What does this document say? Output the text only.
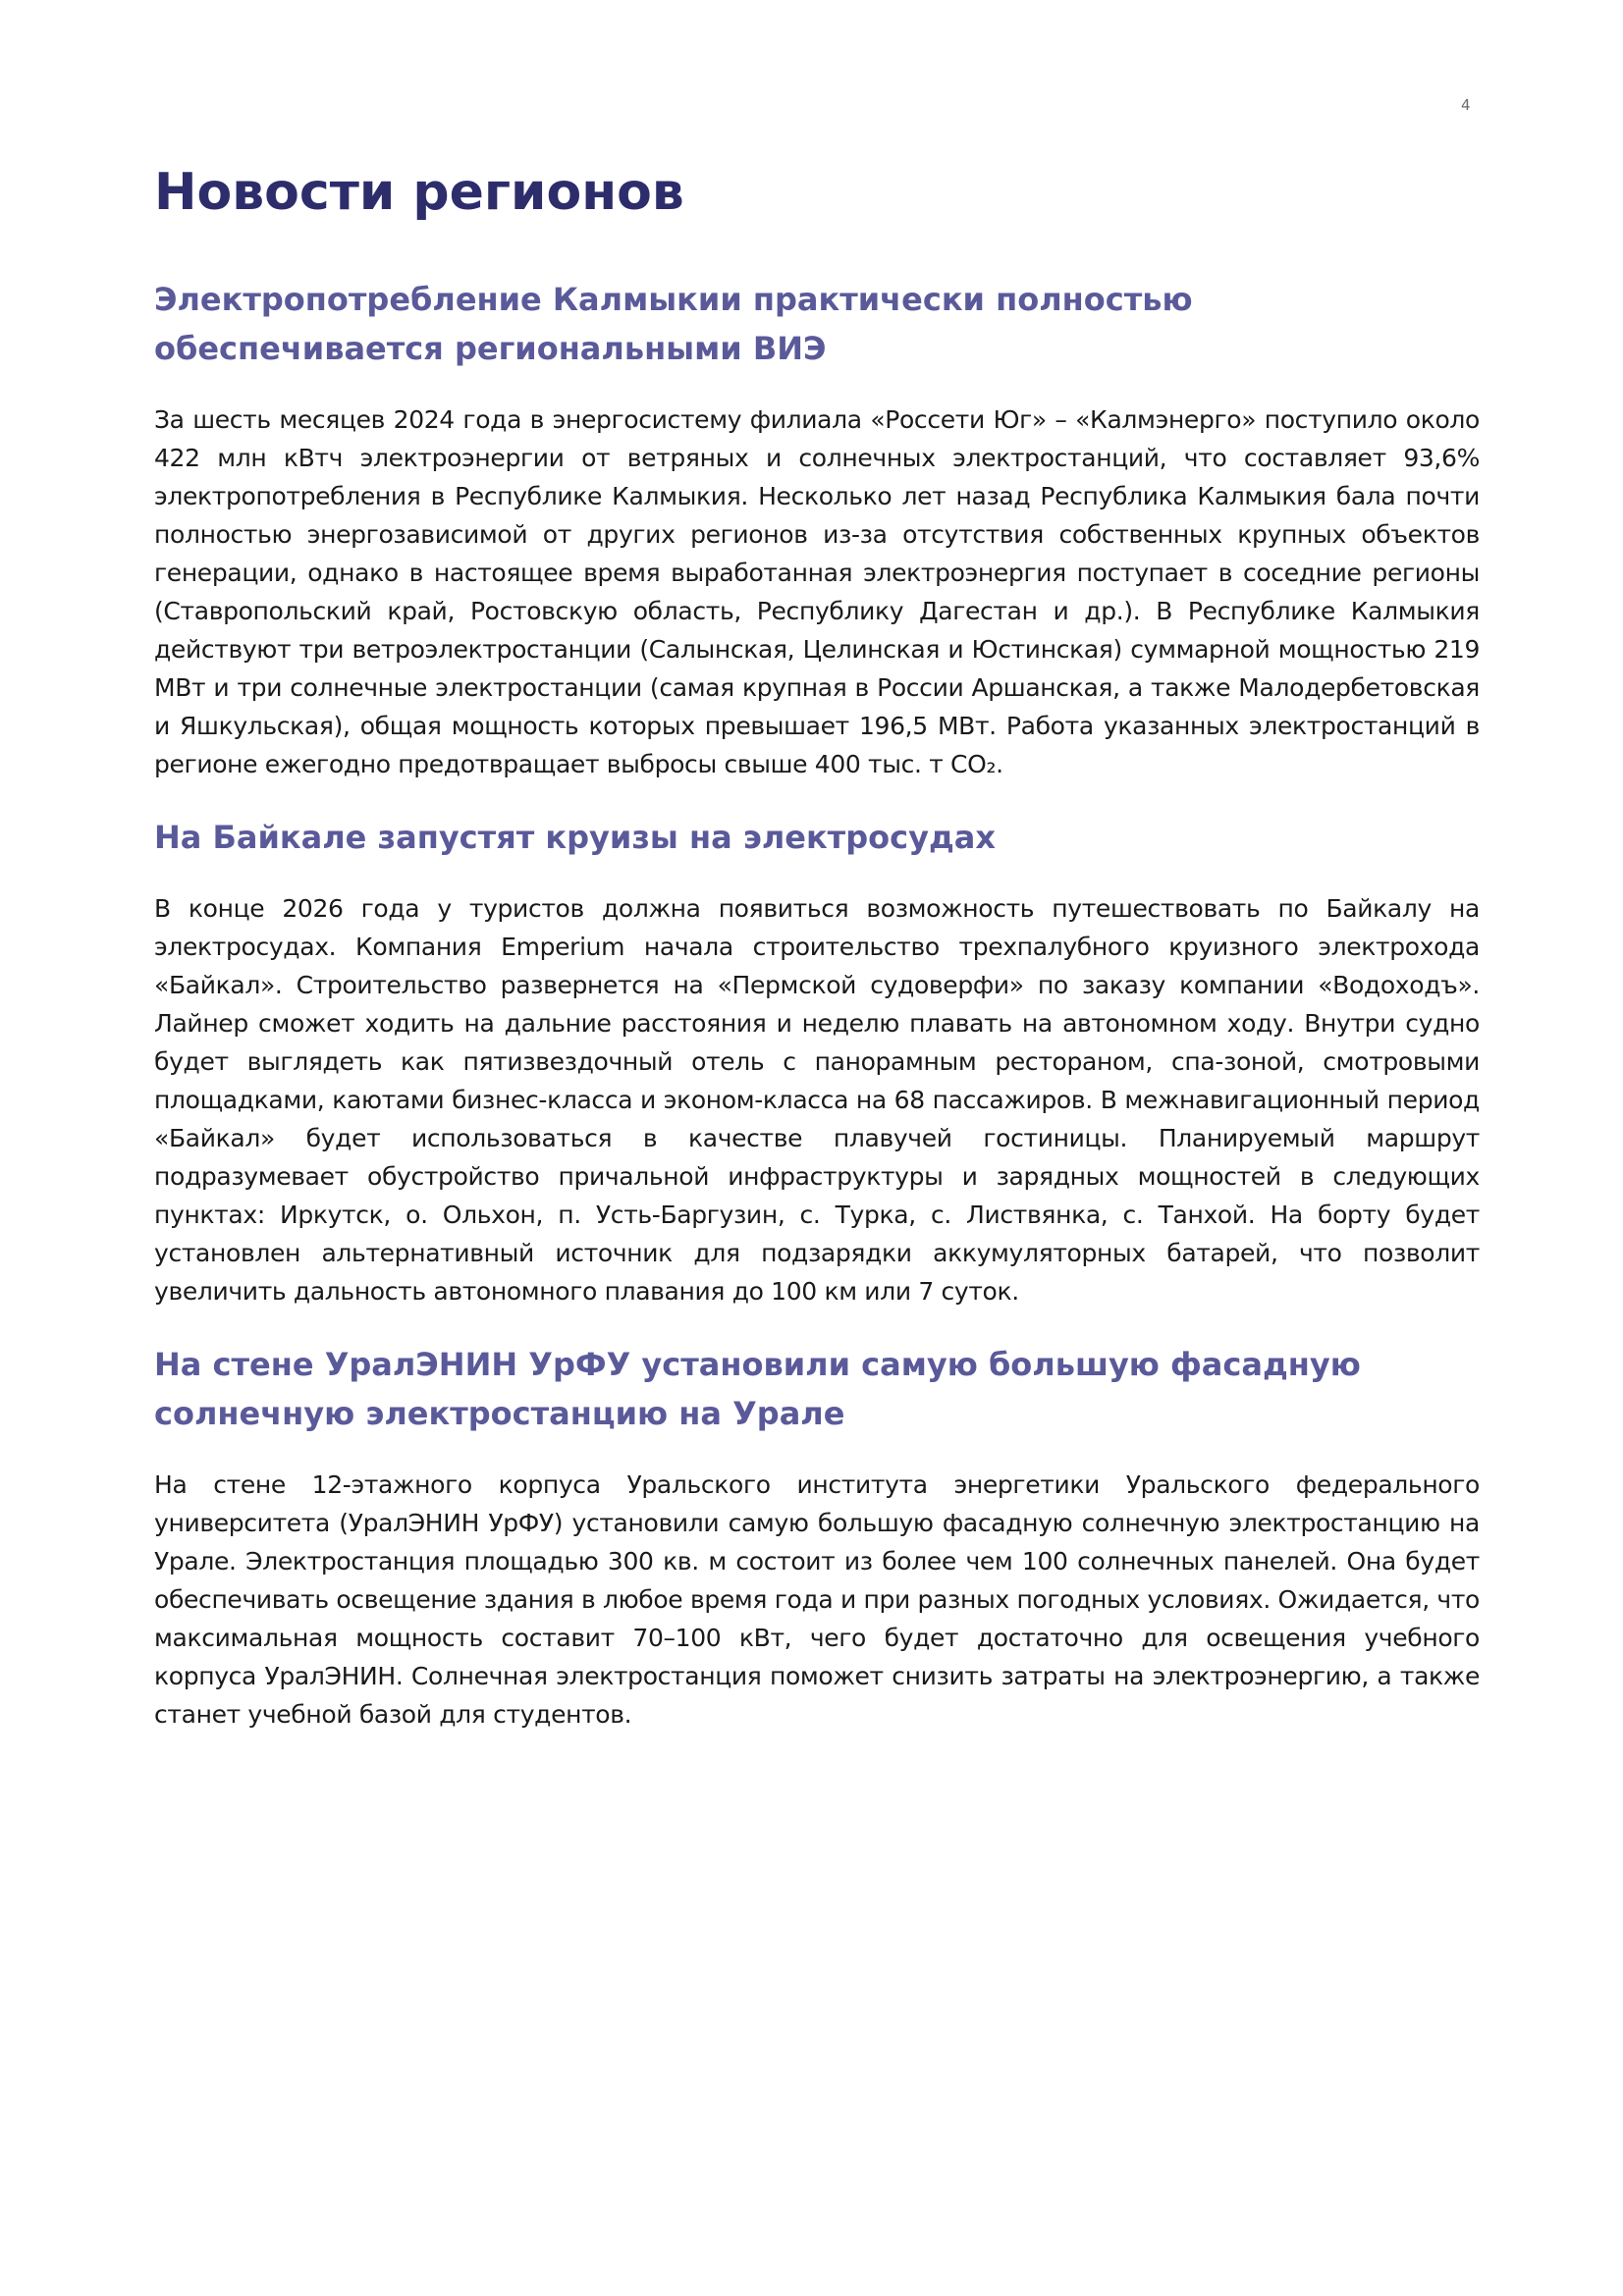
4
Новости регионов
Электропотребление Калмыкии практически полностью обеспечивается региональными ВИЭ

За шесть месяцев 2024 года в энергосистему филиала «Россети Юг» – «Калмэнерго» поступило около 422 млн кВтч электроэнергии от ветряных и солнечных электростанций, что составляет 93,6% электропотребления в Республике Калмыкия. Несколько лет назад Республика Калмыкия бала почти полностью энергозависимой от других регионов из-за отсутствия собственных крупных объектов генерации, однако в настоящее время выработанная электроэнергия поступает в соседние регионы (Ставропольский край, Ростовскую область, Республику Дагестан и др.). В Республике Калмыкия действуют три ветроэлектростанции (Салынская, Целинская и Юстинская) суммарной мощностью 219 МВт и три солнечные электростанции (самая крупная в России Аршанская, а также Малодербетовская и Яшкульская), общая мощность которых превышает 196,5 МВт. Работа указанных электростанций в регионе ежегодно предотвращает выбросы свыше 400 тыс. т CO₂.

На Байкале запустят круизы на электросудах

В конце 2026 года у туристов должна появиться возможность путешествовать по Байкалу на электросудах. Компания Emperium начала строительство трехпалубного круизного электрохода «Байкал». Строительство развернется на «Пермской судоверфи» по заказу компании «Водоходъ». Лайнер сможет ходить на дальние расстояния и неделю плавать на автономном ходу. Внутри судно будет выглядеть как пятизвездочный отель с панорамным рестораном, спа-зоной, смотровыми площадками, каютами бизнес-класса и эконом-класса на 68 пассажиров. В межнавигационный период «Байкал» будет использоваться в качестве плавучей гостиницы. Планируемый маршрут подразумевает обустройство причальной инфраструктуры и зарядных мощностей в следующих пунктах: Иркутск, о. Ольхон, п. Усть-Баргузин, с. Турка, с. Листвянка, с. Танхой. На борту будет установлен альтернативный источник для подзарядки аккумуляторных батарей, что позволит увеличить дальность автономного плавания до 100 км или 7 суток.

На стене УралЭНИН УрФУ установили самую большую фасадную солнечную электростанцию на Урале

На стене 12-этажного корпуса Уральского института энергетики Уральского федерального университета (УралЭНИН УрФУ) установили самую большую фасадную солнечную электростанцию на Урале. Электростанция площадью 300 кв. м состоит из более чем 100 солнечных панелей. Она будет обеспечивать освещение здания в любое время года и при разных погодных условиях. Ожидается, что максимальная мощность составит 70–100 кВт, чего будет достаточно для освещения учебного корпуса УралЭНИН. Солнечная электростанция поможет снизить затраты на электроэнергию, а также станет учебной базой для студентов.
